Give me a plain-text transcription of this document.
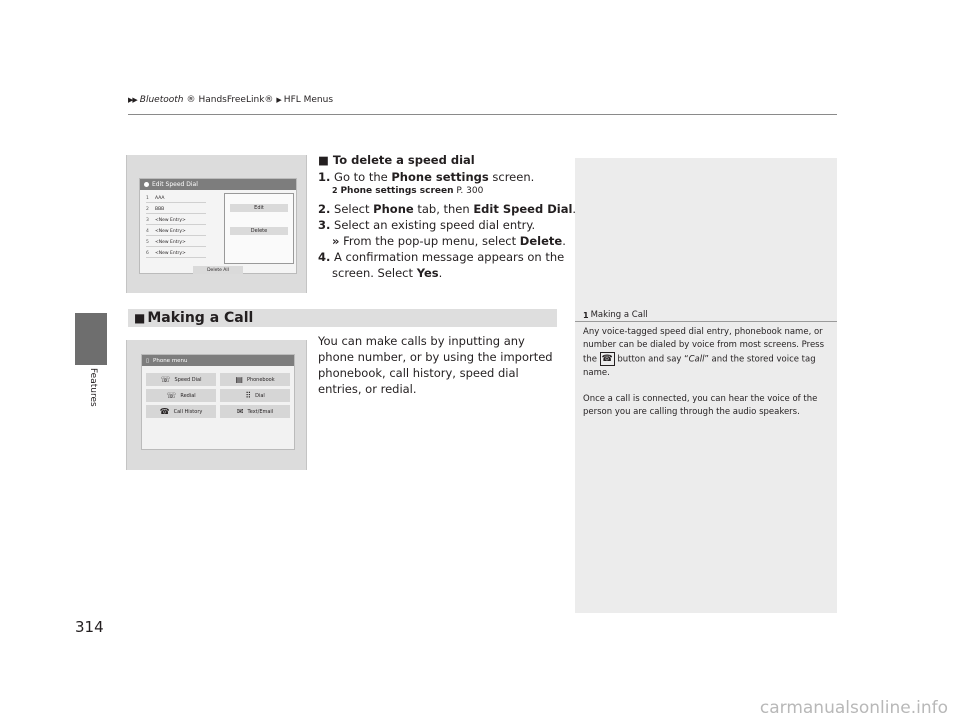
▶▶ Bluetooth ® HandsFreeLink® ▶ HFL Menus
Features
314
Edit Speed Dial
1	AAA
2	BBB
3	<New Entry>
4	<New Entry>
5	<New Entry>
6	<New Entry>
Edit
Delete
Delete All
■ To delete a speed dial
1. Go to the Phone settings screen.
2 Phone settings screen P. 300
2. Select Phone tab, then Edit Speed Dial.
3. Select an existing speed dial entry.
» From the pop-up menu, select Delete.
4. A confirmation message appears on the
screen. Select Yes.
■ Making a Call	1 Making a Call

Any voice-tagged speed dial entry, phonebook name, or number can be dialed by voice from most screens. Press the ☎ button and say “Call” and the stored voice tag name.

Once a call is connected, you can hear the voice of the person you are calling through the audio speakers.

▯ Phone menu
☏ Speed Dial	▤ Phonebook
☏ Redial	⠿ Dial
☎ Call History	✉ Text/Email
You can make calls by inputting any phone number, or by using the imported phonebook, call history, speed dial entries, or redial.
carmanualsonline.info
